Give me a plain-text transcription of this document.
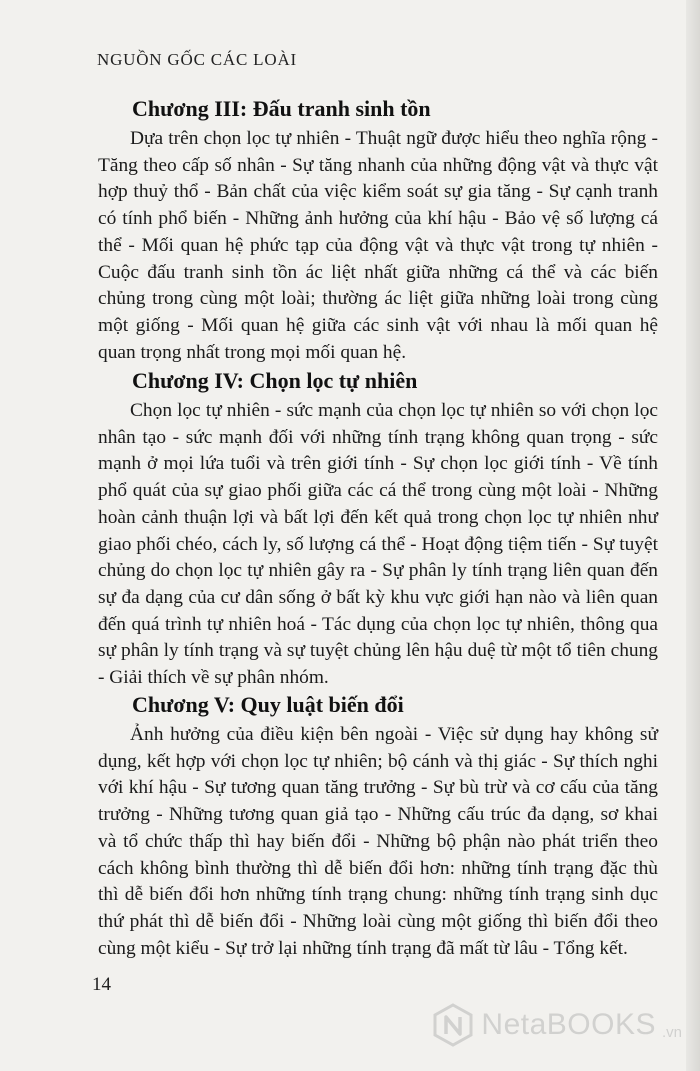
NGUỒN GỐC CÁC LOÀI
Chương III: Đấu tranh sinh tồn

Dựa trên chọn lọc tự nhiên - Thuật ngữ được hiểu theo nghĩa rộng - Tăng theo cấp số nhân - Sự tăng nhanh của những động vật và thực vật hợp thuỷ thổ - Bản chất của việc kiểm soát sự gia tăng - Sự cạnh tranh có tính phổ biến - Những ảnh hưởng của khí hậu - Bảo vệ số lượng cá thể - Mối quan hệ phức tạp của động vật và thực vật trong tự nhiên - Cuộc đấu tranh sinh tồn ác liệt nhất giữa những cá thể và các biến chủng trong cùng một loài; thường ác liệt giữa những loài trong cùng một giống - Mối quan hệ giữa các sinh vật với nhau là mối quan hệ quan trọng nhất trong mọi mối quan hệ.

Chương IV: Chọn lọc tự nhiên

Chọn lọc tự nhiên - sức mạnh của chọn lọc tự nhiên so với chọn lọc nhân tạo - sức mạnh đối với những tính trạng không quan trọng - sức mạnh ở mọi lứa tuổi và trên giới tính - Sự chọn lọc giới tính - Về tính phổ quát của sự giao phối giữa các cá thể trong cùng một loài - Những hoàn cảnh thuận lợi và bất lợi đến kết quả trong chọn lọc tự nhiên như giao phối chéo, cách ly, số lượng cá thể - Hoạt động tiệm tiến - Sự tuyệt chủng do chọn lọc tự nhiên gây ra - Sự phân ly tính trạng liên quan đến sự đa dạng của cư dân sống ở bất kỳ khu vực giới hạn nào và liên quan đến quá trình tự nhiên hoá - Tác dụng của chọn lọc tự nhiên, thông qua sự phân ly tính trạng và sự tuyệt chủng lên hậu duệ từ một tổ tiên chung - Giải thích về sự phân nhóm.

Chương V: Quy luật biến đổi

Ảnh hưởng của điều kiện bên ngoài - Việc sử dụng hay không sử dụng, kết hợp với chọn lọc tự nhiên; bộ cánh và thị giác - Sự thích nghi với khí hậu - Sự tương quan tăng trưởng - Sự bù trừ và cơ cấu của tăng trưởng - Những tương quan giả tạo - Những cấu trúc đa dạng, sơ khai và tổ chức thấp thì hay biến đổi - Những bộ phận nào phát triển theo cách không bình thường thì dễ biến đổi hơn: những tính trạng đặc thù thì dễ biến đổi hơn những tính trạng chung: những tính trạng sinh dục thứ phát thì dễ biến đổi - Những loài cùng một giống thì biến đổi theo cùng một kiểu - Sự trở lại những tính trạng đã mất từ lâu - Tổng kết.

14
NetaBOOKS .vn
